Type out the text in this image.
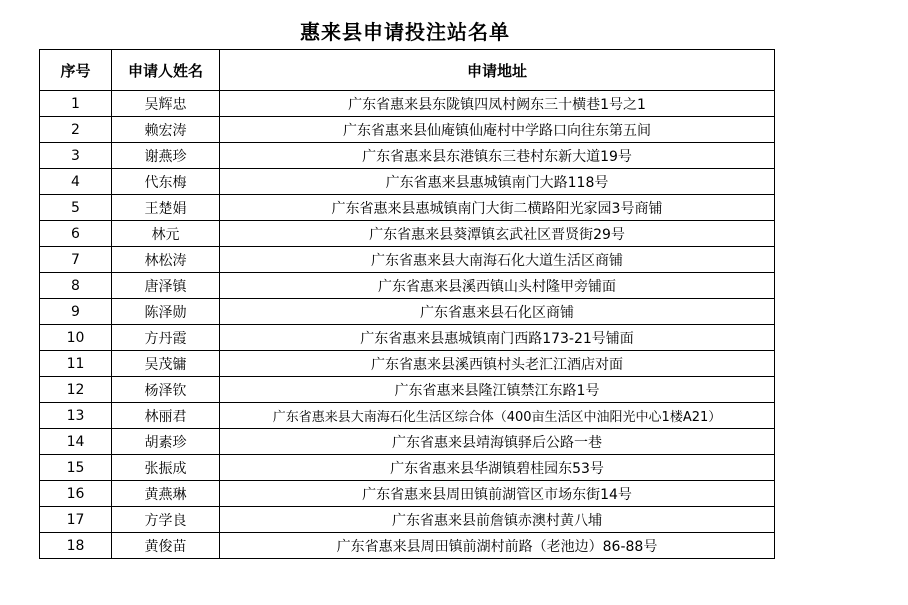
惠来县申请投注站名单
序号	申请人姓名	申请地址
1	吴辉忠	广东省惠来县东陇镇四凤村阙东三十横巷1号之1
2	赖宏涛	广东省惠来县仙庵镇仙庵村中学路口向往东第五间
3	谢燕珍	广东省惠来县东港镇东三巷村东新大道19号
4	代东梅	广东省惠来县惠城镇南门大路118号
5	王楚娟	广东省惠来县惠城镇南门大街二横路阳光家园3号商铺
6	林元	广东省惠来县葵潭镇玄武社区晋贤街29号
7	林松涛	广东省惠来县大南海石化大道生活区商铺
8	唐泽镇	广东省惠来县溪西镇山头村隆甲旁铺面
9	陈泽勋	广东省惠来县石化区商铺
10	方丹霞	广东省惠来县惠城镇南门西路173-21号铺面
11	吴茂镛	广东省惠来县溪西镇村头老汇江酒店对面
12	杨泽钦	广东省惠来县隆江镇禁江东路1号
13	林丽君	广东省惠来县大南海石化生活区综合体（400亩生活区中油阳光中心1楼A21）
14	胡素珍	广东省惠来县靖海镇驿后公路一巷
15	张振成	广东省惠来县华湖镇碧桂园东53号
16	黄燕琳	广东省惠来县周田镇前湖管区市场东街14号
17	方学良	广东省惠来县前詹镇赤澳村黄八埔
18	黄俊苗	广东省惠来县周田镇前湖村前路（老池边）86-88号
